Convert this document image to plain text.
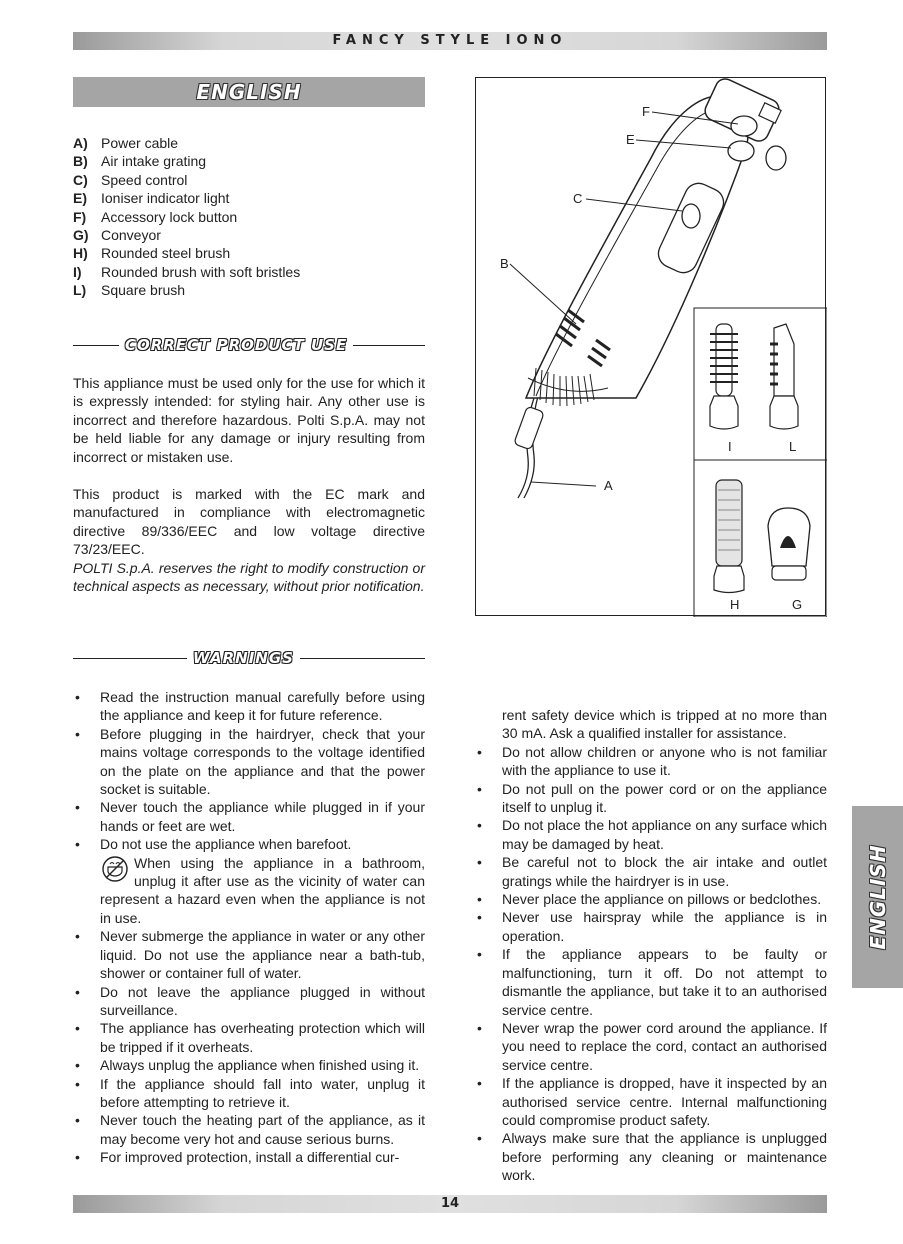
FANCY STYLE IONO
ENGLISH
A) Power cable
B) Air intake grating
C) Speed control
E)	Ioniser indicator light
F)	Accessory lock button
G) Conveyor
H) Rounded steel brush
I)	Rounded brush with soft bristles
L)	Square brush
CORRECT PRODUCT USE
This appliance must be used only for the use for which it is expressly intended: for styling hair. Any other use is incorrect and therefore hazardous. Polti S.p.A. may not be held liable for any damage or injury resulting from incorrect or mistaken use.
This product is marked with the EC mark and manufactured in compliance with electromagnetic directive 89/336/EEC and low voltage directive 73/23/EEC.
POLTI S.p.A. reserves the right to modify construction or technical aspects as necessary, without prior notification.
WARNINGS
• Read the instruction manual carefully before using the appliance and keep it for future reference.
• Before plugging in the hairdryer, check that your mains voltage corresponds to the voltage identified on the plate on the appliance and that the power socket is suitable.
• Never touch the appliance while plugged in if your hands or feet are wet.
• Do not use the appliance when barefoot.
When using the appliance in a bathroom, unplug it after use as the vicinity of water can represent a hazard even when the appliance is not in use.
• Never submerge the appliance in water or any other liquid. Do not use the appliance near a bath-tub, shower or container full of water.
• Do not leave the appliance plugged in without surveillance.
• The appliance has overheating protection which will be tripped if it overheats.
• Always unplug the appliance when finished using it.
• If the appliance should fall into water, unplug it before attempting to retrieve it.
• Never touch the heating part of the appliance, as it may become very hot and cause serious burns.
• For improved protection, install a differential cur-
rent safety device which is tripped at no more than 30 mA. Ask a qualified installer for assistance.
• Do not allow children or anyone who is not familiar with the appliance to use it.
• Do not pull on the power cord or on the appliance itself to unplug it.
• Do not place the hot appliance on any surface which may be damaged by heat.
• Be careful not to block the air intake and outlet gratings while the hairdryer is in use.
• Never place the appliance on pillows or bedclothes.
• Never use hairspray while the appliance is in operation.
• If the appliance appears to be faulty or malfunctioning, turn it off. Do not attempt to dismantle the appliance, but take it to an authorised service centre.
• Never wrap the power cord around the appliance. If you need to replace the cord, contact an authorised service centre.
• If the appliance is dropped, have it inspected by an authorised service centre. Internal malfunctioning could compromise product safety.
• Always make sure that the appliance is unplugged before performing any cleaning or maintenance work.
F
E
C
B
A
I	L
H	G
ENGLISH
14
